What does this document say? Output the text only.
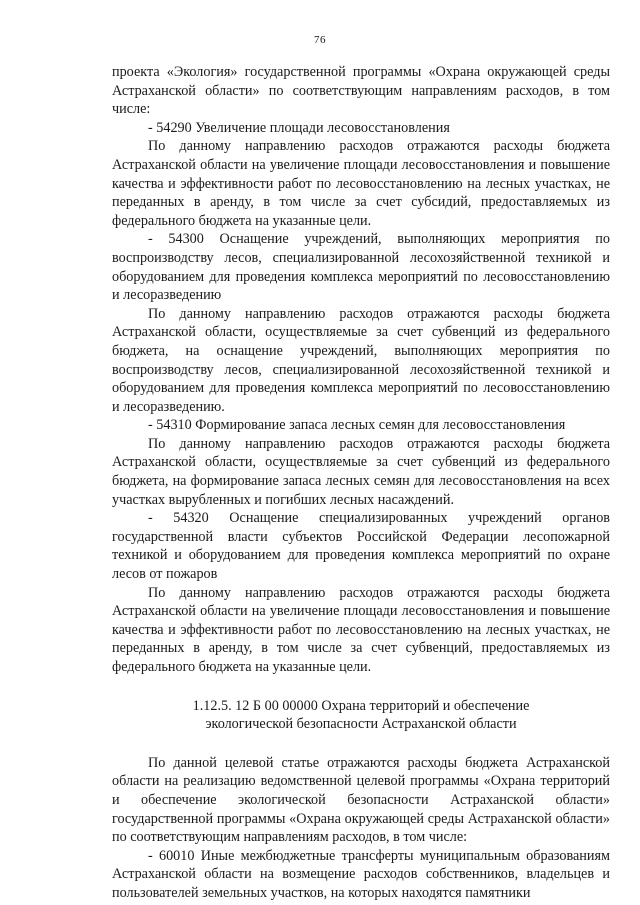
76

проекта «Экология» государственной программы «Охрана окружающей среды Астраханской области» по соответствующим направлениям расходов, в том числе:

- 54290 Увеличение площади лесовосстановления

По данному направлению расходов отражаются расходы бюджета Астраханской области на увеличение площади лесовосстановления и повышение качества и эффективности работ по лесовосстановлению на лесных участках, не переданных в аренду, в том числе за счет субсидий, предоставляемых из федерального бюджета на указанные цели.

- 54300 Оснащение учреждений, выполняющих мероприятия по воспроизводству лесов, специализированной лесохозяйственной техникой и оборудованием для проведения комплекса мероприятий по лесовосстановлению и лесоразведению

По данному направлению расходов отражаются расходы бюджета Астраханской области, осуществляемые за счет субвенций из федерального бюджета, на оснащение учреждений, выполняющих мероприятия по воспроизводству лесов, специализированной лесохозяйственной техникой и оборудованием для проведения комплекса мероприятий по лесовосстановлению и лесоразведению.

- 54310 Формирование запаса лесных семян для лесовосстановления

По данному направлению расходов отражаются расходы бюджета Астраханской области, осуществляемые за счет субвенций из федерального бюджета, на формирование запаса лесных семян для лесовосстановления на всех участках вырубленных и погибших лесных насаждений.

- 54320 Оснащение специализированных учреждений органов государственной власти субъектов Российской Федерации лесопожарной техникой и оборудованием для проведения комплекса мероприятий по охране лесов от пожаров

По данному направлению расходов отражаются расходы бюджета Астраханской области на увеличение площади лесовосстановления и повышение качества и эффективности работ по лесовосстановлению на лесных участках, не переданных в аренду, в том числе за счет субвенций, предоставляемых из федерального бюджета на указанные цели.

1.12.5. 12 Б 00 00000 Охрана территорий и обеспечение
экологической безопасности Астраханской области

По данной целевой статье отражаются расходы бюджета Астраханской области на реализацию ведомственной целевой программы «Охрана территорий и обеспечение экологической безопасности Астраханской области» государственной программы «Охрана окружающей среды Астраханской области» по соответствующим направлениям расходов, в том числе:

- 60010 Иные межбюджетные трансферты муниципальным образованиям Астраханской области на возмещение расходов собственников, владельцев и пользователей земельных участков, на которых находятся памятники
